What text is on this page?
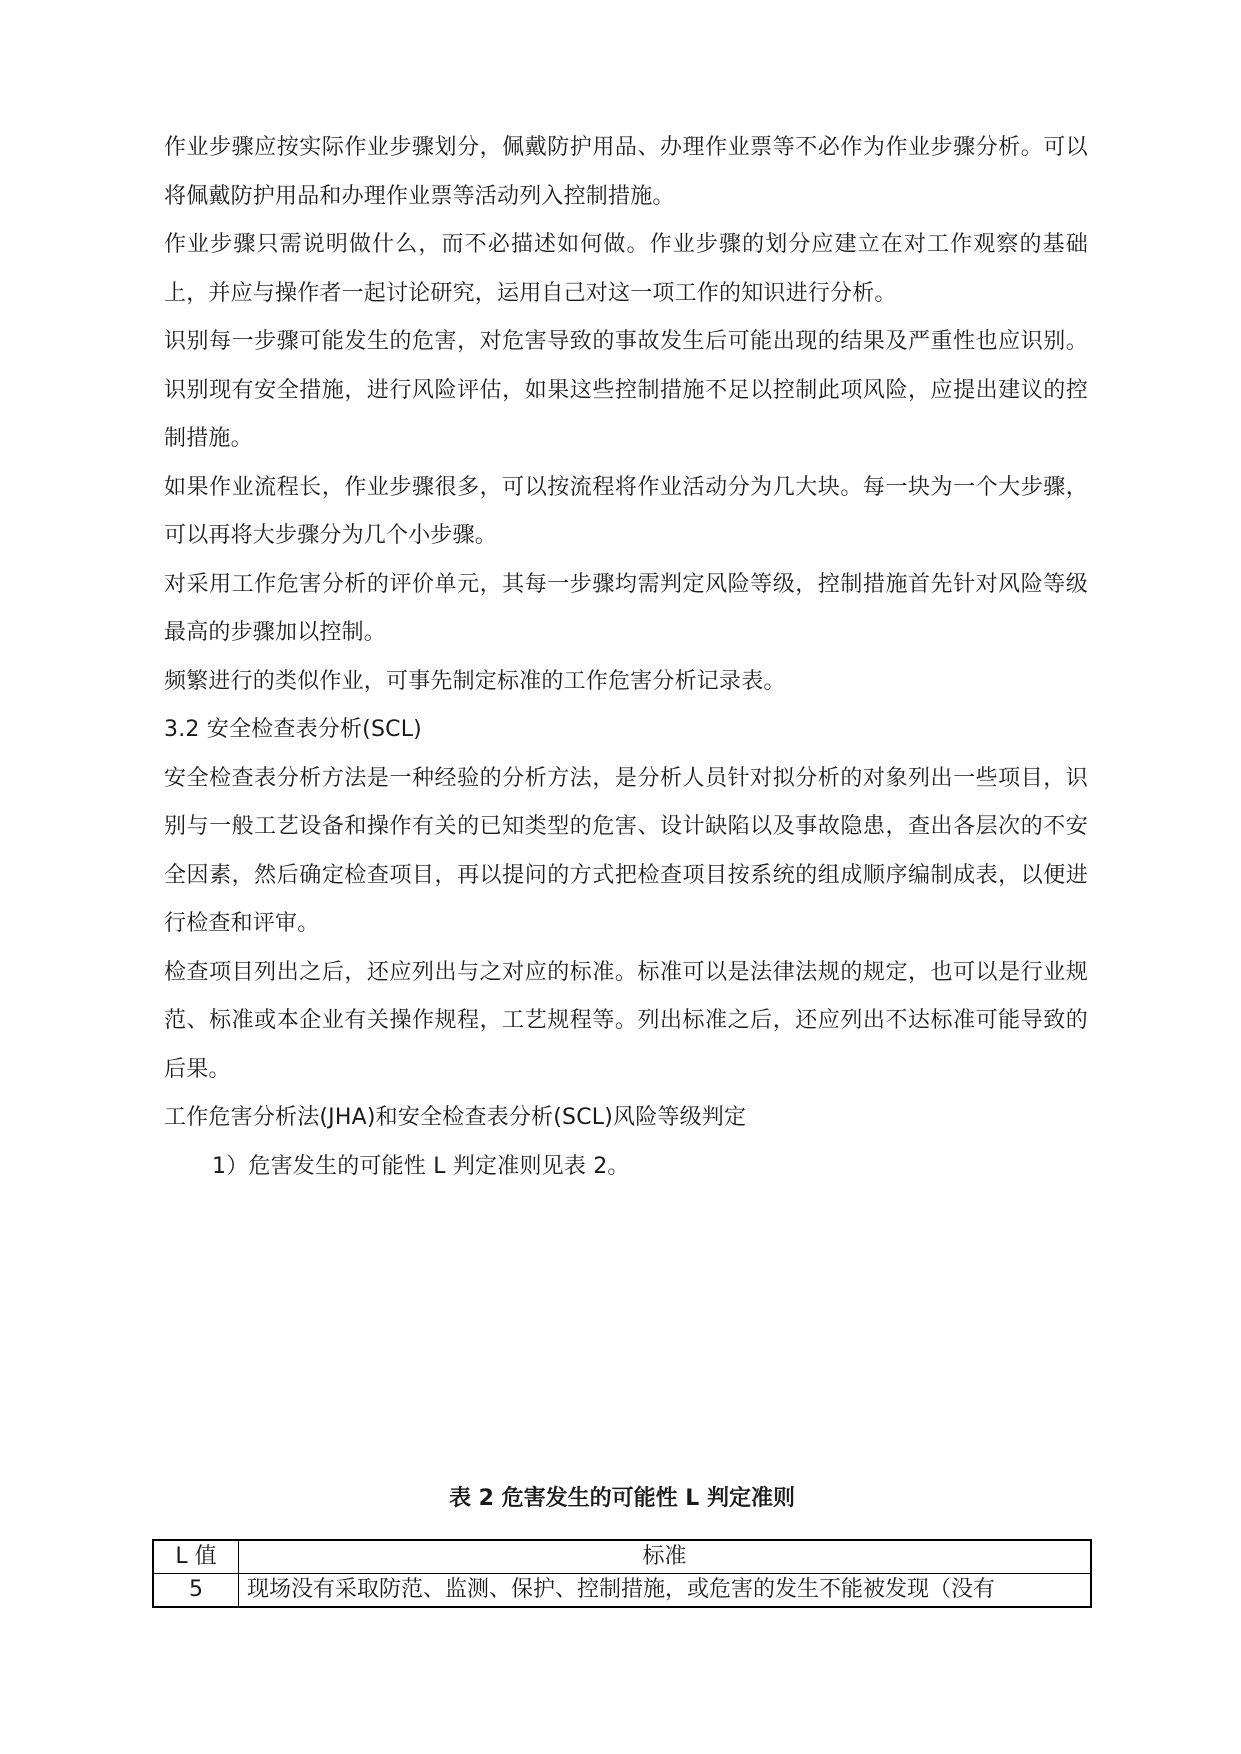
作业步骤应按实际作业步骤划分，佩戴防护用品、办理作业票等不必作为作业步骤分析。可以将佩戴防护用品和办理作业票等活动列入控制措施。

作业步骤只需说明做什么，而不必描述如何做。作业步骤的划分应建立在对工作观察的基础上，并应与操作者一起讨论研究，运用自己对这一项工作的知识进行分析。

识别每一步骤可能发生的危害，对危害导致的事故发生后可能出现的结果及严重性也应识别。识别现有安全措施，进行风险评估，如果这些控制措施不足以控制此项风险，应提出建议的控制措施。

如果作业流程长，作业步骤很多，可以按流程将作业活动分为几大块。每一块为一个大步骤，可以再将大步骤分为几个小步骤。

对采用工作危害分析的评价单元，其每一步骤均需判定风险等级，控制措施首先针对风险等级最高的步骤加以控制。

频繁进行的类似作业，可事先制定标准的工作危害分析记录表。

3.2 安全检查表分析(SCL)

安全检查表分析方法是一种经验的分析方法，是分析人员针对拟分析的对象列出一些项目，识别与一般工艺设备和操作有关的已知类型的危害、设计缺陷以及事故隐患，查出各层次的不安全因素，然后确定检查项目，再以提问的方式把检查项目按系统的组成顺序编制成表，以便进行检查和评审。

检查项目列出之后，还应列出与之对应的标准。标准可以是法律法规的规定，也可以是行业规范、标准或本企业有关操作规程，工艺规程等。列出标准之后，还应列出不达标准可能导致的后果。

工作危害分析法(JHA)和安全检查表分析(SCL)风险等级判定

1）危害发生的可能性 L 判定准则见表 2。

表 2 危害发生的可能性 L 判定准则

L 值	标准
5	现场没有采取防范、监测、保护、控制措施，或危害的发生不能被发现（没有
